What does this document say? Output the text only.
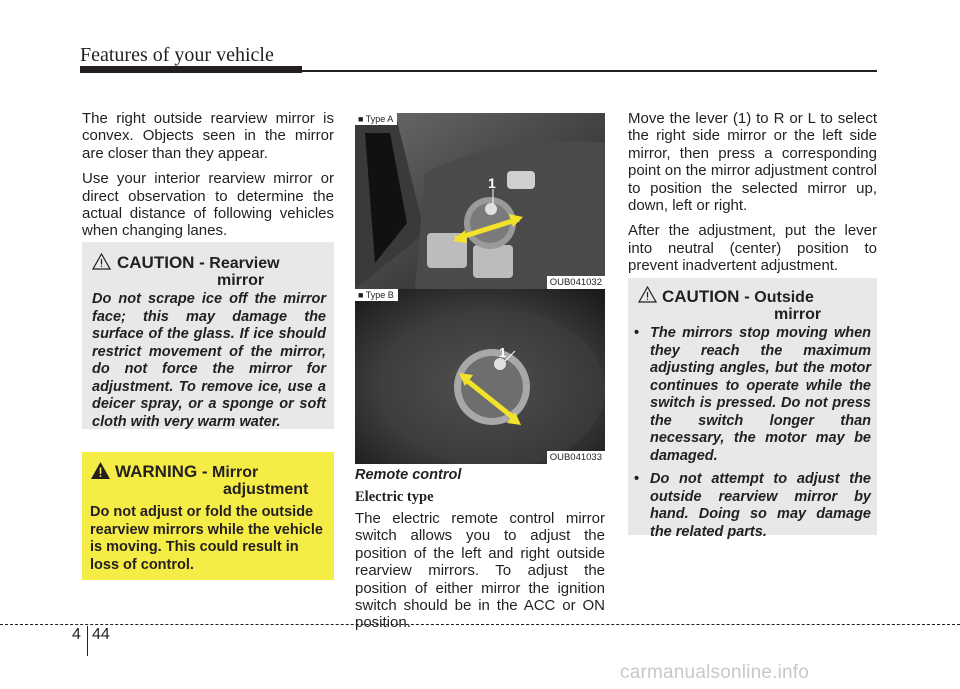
Features of your vehicle

The right outside rearview mirror is convex. Objects seen in the mirror are closer than they appear.

Use your interior rearview mirror or direct observation to determine the actual distance of following vehicles when changing lanes.

CAUTION - Rearview
mirror
Do not scrape ice off the mirror face; this may damage the surface of the glass. If ice should restrict movement of the mirror, do not force the mirror for adjustment. To remove ice, use a deicer spray, or a sponge or soft cloth with very warm water.
WARNING - Mirror
adjustment
Do not adjust or fold the outside rearview mirrors while the vehicle is moving. This could result in loss of control.
1
■ Type A
OUB041032
1
■ Type B
OUB041033
Remote control
Electric type

The electric remote control mirror switch allows you to adjust the position of the left and right outside rearview mirrors. To adjust the position of either mirror the ignition switch should be in the ACC or ON position.

Move the lever (1) to R or L to select the right side mirror or the left side mirror, then press a corresponding point on the mirror adjustment control to position the selected mirror up, down, left or right.

After the adjustment, put the lever into neutral (center) position to prevent inadvertent adjustment.

CAUTION - Outside
mirror
• The mirrors stop moving when they reach the maximum adjusting angles, but the motor continues to operate while the switch is pressed. Do not press the switch longer than necessary, the motor may be damaged.
• Do not attempt to adjust the outside rearview mirror by hand. Doing so may damage the related parts.
4 44
carmanualsonline.info
